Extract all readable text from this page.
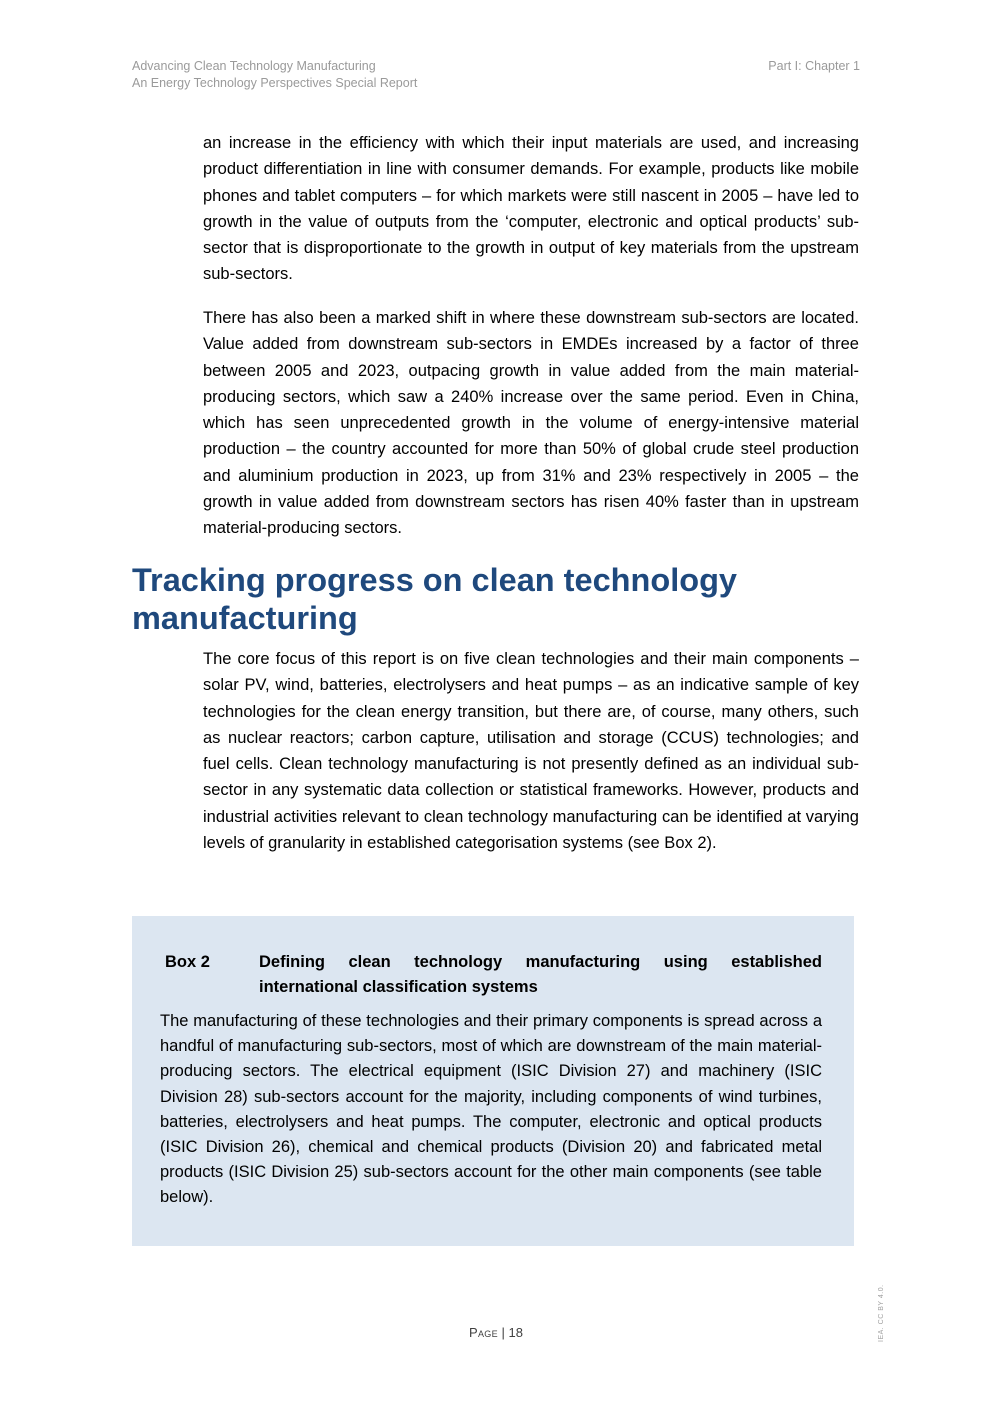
Advancing Clean Technology Manufacturing
An Energy Technology Perspectives Special Report
Part I: Chapter 1

an increase in the efficiency with which their input materials are used, and increasing product differentiation in line with consumer demands. For example, products like mobile phones and tablet computers – for which markets were still nascent in 2005 – have led to growth in the value of outputs from the ‘computer, electronic and optical products’ sub-sector that is disproportionate to the growth in output of key materials from the upstream sub-sectors.

There has also been a marked shift in where these downstream sub-sectors are located. Value added from downstream sub-sectors in EMDEs increased by a factor of three between 2005 and 2023, outpacing growth in value added from the main material-producing sectors, which saw a 240% increase over the same period. Even in China, which has seen unprecedented growth in the volume of energy-intensive material production – the country accounted for more than 50% of global crude steel production and aluminium production in 2023, up from 31% and 23% respectively in 2005 – the growth in value added from downstream sectors has risen 40% faster than in upstream material-producing sectors.

Tracking progress on clean technology manufacturing

The core focus of this report is on five clean technologies and their main components – solar PV, wind, batteries, electrolysers and heat pumps – as an indicative sample of key technologies for the clean energy transition, but there are, of course, many others, such as nuclear reactors; carbon capture, utilisation and storage (CCUS) technologies; and fuel cells. Clean technology manufacturing is not presently defined as an individual sub-sector in any systematic data collection or statistical frameworks. However, products and industrial activities relevant to clean technology manufacturing can be identified at varying levels of granularity in established categorisation systems (see Box 2).

Box 2	Defining clean technology manufacturing using established international classification systems

The manufacturing of these technologies and their primary components is spread across a handful of manufacturing sub-sectors, most of which are downstream of the main material-producing sectors. The electrical equipment (ISIC Division 27) and machinery (ISIC Division 28) sub-sectors account for the majority, including components of wind turbines, batteries, electrolysers and heat pumps. The computer, electronic and optical products (ISIC Division 26), chemical and chemical products (Division 20) and fabricated metal products (ISIC Division 25) sub-sectors account for the other main components (see table below).

Page | 18	IEA. CC BY 4.0.
